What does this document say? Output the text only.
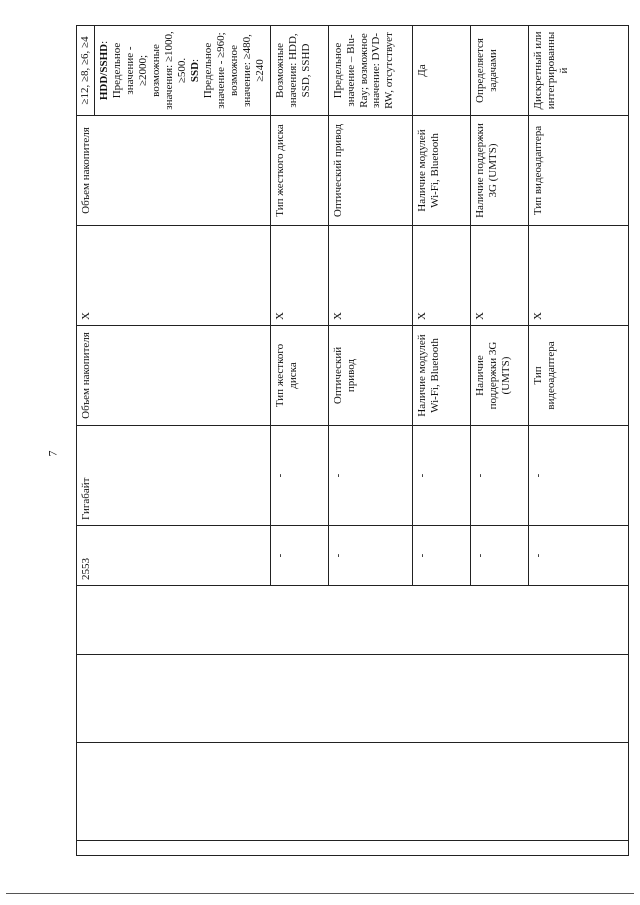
7
				2553	Гигабайт	Объем накопителя	X	Объем накопителя	≥12, ≥8, ≥6, ≥4 HDD/SSHD: Предельное значение - ≥2000; возможные значения: ≥1000, ≥500. SSD: Предельное значение - ≥960; возможное значение: ≥480, ≥240

				-	-	Тип жесткого диска	X	Тип жесткого диска	Возможные значения: HDD, SSD, SSHD
				-	-	Оптический привод	X	Оптический привод	Предельное значение – Blu-Ray; возможное значение: DVD-RW, отсутствует
				-	-	Наличие модулей Wi-Fi, Bluetooth	X	Наличие модулей Wi-Fi, Bluetooth	Да
				-	-	Наличие поддержки 3G (UMTS)	X	Наличие поддержки 3G (UMTS)	Определяется задачами
				-	-	Тип видеоадаптера	X	Тип видеоадаптера	Дискретный или интегрированный
